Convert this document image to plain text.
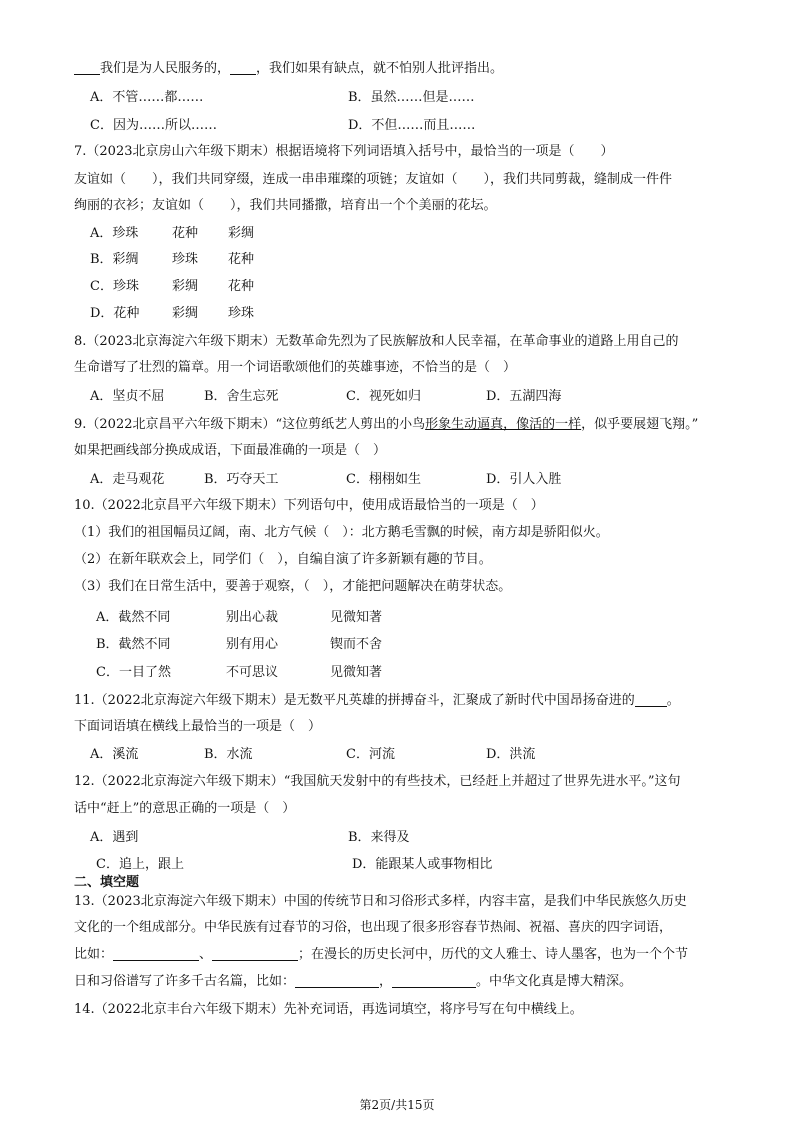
我们是为人民服务的， ，我们如果有缺点，就不怕别人批评指出。
A．不管……都……	B．虽然……但是……
C．因为……所以……	D．不但……而且……
7.（2023北京房山六年级下期末）根据语境将下列词语填入括号中，最恰当的一项是（　　）
友谊如（　　），我们共同穿缀，连成一串串璀璨的项链；友谊如（　　），我们共同剪裁，缝制成一件件
绚丽的衣衫；友谊如（　　），我们共同播撒，培育出一个个美丽的花坛。
A．珍珠	花种 彩绸
B．彩绸	珍珠 花种
C．珍珠	彩绸 花种
D．花种	彩绸 珍珠
8.（2023北京海淀六年级下期末）无数革命先烈为了民族解放和人民幸福，在革命事业的道路上用自己的
生命谱写了壮烈的篇章。用一个词语歌颂他们的英雄事迹，不恰当的是（　）
A．坚贞不屈	B．舍生忘死	C．视死如归	D．五湖四海
9.（2022北京昌平六年级下期末）“这位剪纸艺人剪出的小鸟形象生动逼真，像活的一样，似乎要展翅飞翔。”
如果把画线部分换成成语，下面最准确的一项是（　）
A．走马观花	B．巧夺天工	C．栩栩如生	D．引人入胜
10.（2022北京昌平六年级下期末）下列语句中，使用成语最恰当的一项是（　）
（1）我们的祖国幅员辽阔，南、北方气候（　）：北方鹅毛雪飘的时候，南方却是骄阳似火。
（2）在新年联欢会上，同学们（　），自编自演了许多新颖有趣的节目。
（3）我们在日常生活中，要善于观察，（　），才能把问题解决在萌芽状态。
A．截然不同	别出心裁	见微知著
B．截然不同	别有用心	锲而不舍
C．一目了然	不可思议	见微知著
11.（2022北京海淀六年级下期末）是无数平凡英雄的拼搏奋斗，汇聚成了新时代中国昂扬奋进的 。
下面词语填在横线上最恰当的一项是（　）
A．溪流	B．水流	C．河流	D．洪流
12.（2022北京海淀六年级下期末）“我国航天发射中的有些技术，已经赶上并超过了世界先进水平。”这句
话中“赶上”的意思正确的一项是（　）
A．遇到	B．来得及
C．追上，跟上	D．能跟某人或事物相比
二、填空题
13.（2023北京海淀六年级下期末）中国的传统节日和习俗形式多样，内容丰富，是我们中华民族悠久历史
文化的一个组成部分。中华民族有过春节的习俗，也出现了很多形容春节热闹、祝福、喜庆的四字词语，
比如：	、	；在漫长的历史长河中，历代的文人雅士、诗人墨客，也为一个个节
日和习俗谱写了许多千古名篇，比如：	，	。中华文化真是博大精深。
14.（2022北京丰台六年级下期末）先补充词语，再选词填空，将序号写在句中横线上。
第2页/共15页
